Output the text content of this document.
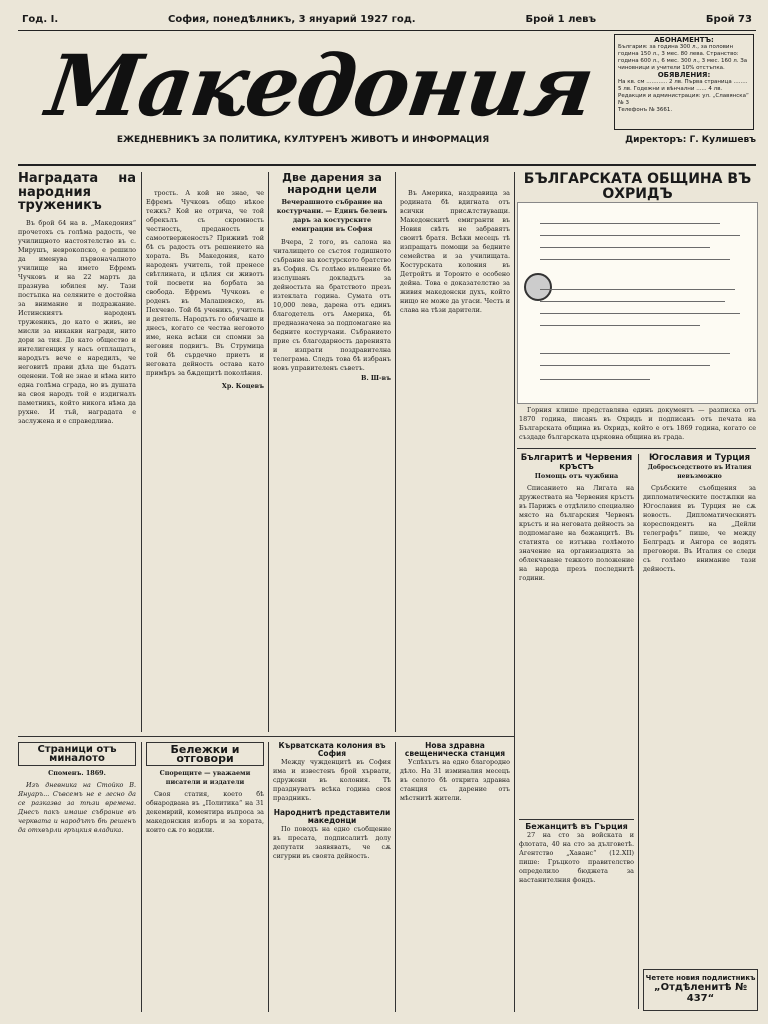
Год. I.	София, понедѣлникъ, 3 януарий 1927 год.	Брой 1 левъ	Брой 73
Македония	АБОНАМЕНТЪ:
България: за година 300 л., за половин година 150 л., 3 мес. 80 лева. Странство: година 600 л., 6 мес. 300 л., 3 мес. 160 л. За чиновници и учители 10% отстъпка.
ОБЯВЛЕНИЯ:
На кв. см ............ 2 лв. Първа страница ........ 5 лв. Годежни и вѣнчални ...... 4 лв.
Редакция и администрация: ул. „Славянска“ № 3
Телефонъ № 3661.
ЕЖЕДНЕВНИКЪ ЗА ПОЛИТИКА, КУЛТУРЕНЪ ЖИВОТЪ И ИНФОРМАЦИЯ	Директоръ: Г. Кулишевъ
Наградата на народния труженикъ

Въ брой 64 на в. „Македония“ прочетохъ съ голѣма радость, че училищното настоятелство въ с. Мирушъ, неврокопско, е решило да именува първоначалното училище на името Ефремъ Чучковъ и на 22 мартъ да празнува юбилея му. Тази постъпка на селяните е достойна за внимание и подражание. Истинскиятъ народенъ труженикъ, до като е живъ, не мисли за никакви награди, нито дори за тия. До като общество и интелигенция у насъ отплащатъ, народътъ вече е наредилъ, че неговитѣ прави дѣла ще бъдатъ оценени. Той не знае и нѣма нито една голѣма сграда, но въ душата на своя народъ той е издигналъ паметникъ, който никога нѣма да рухне. И тъй, наградата е заслужена и е справедлива.

трость. А кой не знае, че Ефремъ Чучковъ общо нѣкое тежкъ? Кой не отрича, че той обрекълъ съ скромность честность, преданость и самоотверженость? Приживѣ той бѣ съ радость отъ решението на хората. Въ Македония, като народенъ учитель, той пренесе свѣтлината, и цѣлия си животъ той посвети на борбата за свобода. Ефремъ Чучковъ е роденъ въ Малашевско, въ Пехчево. Той бѣ ученикъ, учитель и деятель. Народътъ го обичаше и днесъ, когато се чества неговото име, нека всѣки си спомни за неговия подвигъ. Въ Струмица той бѣ сърдечно приетъ и неговата дейность остава като примѣръ за бѫдещитѣ поколѣния.

Хр. Коцевъ
Две дарения за народни цели
Вечерашното събрание на костурчани. — Единъ беленъ даръ за костурските емиграции въ София

Вчера, 2 того, въ салона на читалището се състоя годишното събрание на костурското братство въ София. Съ голѣмо вълнение бѣ изслушанъ докладътъ за дейностьта на братството презъ изтеклата година. Сумата отъ 10,000 лева, дарена отъ единъ благодетель отъ Америка, бѣ предназначена за подпомагане на бедните костурчани. Събранието прие съ благодарность даренията и изпрати поздравителна телеграма. Следъ това бѣ избранъ новъ управителенъ съветъ.

В. Ш-въ

Въ Америка, наздравица за родината бѣ вдигната отъ всички присѫтствуващи. Македонскитѣ емигранти въ Новия свѣтъ не забравятъ своитѣ братя. Всѣки месецъ тѣ изпращатъ помощи за бедните семейства и за училищата. Костурската колония въ Детройтъ и Торонто е особено дейна. Това е доказателство за живия македонски духъ, който нищо не може да угаси. Честь и слава на тѣзи дарители.

БЪЛГАРСКАТА ОБЩИНА ВЪ ОХРИДЪ

Горния клише представлява единъ документъ — разписка отъ 1870 година, писанъ въ Охридъ и подписанъ отъ печата на Българската община въ Охридъ, който е отъ 1869 година, когато се създаде българската църковна община въ града.

Българитѣ и Червения кръстъ
Помощь отъ чужбина

Списанието на Лигата на дружествата на Червения кръстъ въ Парижъ е отдѣлило специално място на българския Червенъ кръстъ и на неговата дейность за подпомагане на бежанцитѣ. Въ статията се изтъква голѣмото значение на организацията за облекчаване тежкото положение на народа презъ последнитѣ години.

Бежанцитѣ въ Гърция

27 на сто за войската и флотата, 40 на сто за дълговетѣ. Агентство „Хаванс“ (12.XII) пише: Гръцкото правителство определило бюджета за настанителния фондъ.

Югославия и Турция
Добросъседството въ Италия невъзможно

Сръбските съобщения за дипломатическите постѫпки на Югославия въ Турция не сѫ новость. Дипломатическиятъ кореспондентъ на „Дейли телеграфъ“ пише, че между Белградъ и Ангора се водятъ преговори. Въ Италия се следи съ голѣмо внимание тази дейность.

Четете новия подлистникъ
„Отдѣленитѣ № 437“
Страници отъ миналото
Споменъ. 1869.

Изъ дневника на Стойко В. Януаръ... Съвсемъ не е лесно да се разказва за тѣзи времена. Днесъ пакъ имаше събрание въ черквата и народътъ бѣ решенъ да отхвърли гръцкия владика.

Бележки и отговори
Спорещите — уважаеми писатели и издатели

Своя статия, което бѣ обнародвана въ „Политика“ на 31 декемврий, коментира въпроса за македонския изборъ и за хората, които сѫ го водили.

Кърватската колония въ София

Между чужденцитѣ въ София има и известенъ брой хървати, сдружени въ колония. Тѣ празднуватъ всѣка година своя праздникъ.

Народнитѣ представители македонци

По поводъ на едно съобщение въ пресата, подписалитѣ долу депутати заявяватъ, че сѫ сигурни въ своята дейность.

Нова здравна свещеническа станция

Успѣхътъ на едно благородно дѣло. На 31 изминалия месецъ въ селото бѣ открита здравна станция съ дарение отъ мѣстнитѣ жители.
